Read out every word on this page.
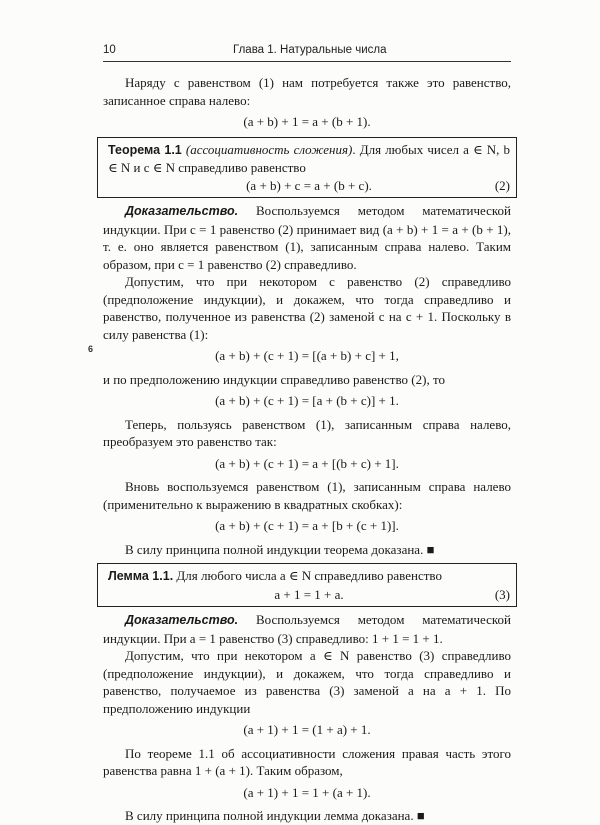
10	Глава 1. Натуральные числа
6

Наряду с равенством (1) нам потребуется также это равенство, записанное справа налево:

(a + b) + 1 = a + (b + 1).
Теорема 1.1 (ассоциативность сложения). Для любых чисел a ∈ N, b ∈ N и c ∈ N справедливо равенство
(a + b) + c = a + (b + c).	(2)

Доказательство. Воспользуемся методом математической индукции. При c = 1 равенство (2) принимает вид (a + b) + 1 = a + (b + 1), т. е. оно является равенством (1), записанным справа налево. Таким образом, при c = 1 равенство (2) справедливо.

Допустим, что при некотором c равенство (2) справедливо (предположение индукции), и докажем, что тогда справедливо и равенство, полученное из равенства (2) заменой c на c + 1. Поскольку в силу равенства (1):

(a + b) + (c + 1) = [(a + b) + c] + 1,

и по предположению индукции справедливо равенство (2), то

(a + b) + (c + 1) = [a + (b + c)] + 1.

Теперь, пользуясь равенством (1), записанным справа налево, преобразуем это равенство так:

(a + b) + (c + 1) = a + [(b + c) + 1].

Вновь воспользуемся равенством (1), записанным справа налево (применительно к выражению в квадратных скобках):

(a + b) + (c + 1) = a + [b + (c + 1)].

В силу принципа полной индукции теорема доказана. ■

Лемма 1.1. Для любого числа a ∈ N справедливо равенство
a + 1 = 1 + a.	(3)

Доказательство. Воспользуемся методом математической индукции. При a = 1 равенство (3) справедливо: 1 + 1 = 1 + 1.

Допустим, что при некотором a ∈ N равенство (3) справедливо (предположение индукции), и докажем, что тогда справедливо и равенство, получаемое из равенства (3) заменой a на a + 1. По предположению индукции

(a + 1) + 1 = (1 + a) + 1.

По теореме 1.1 об ассоциативности сложения правая часть этого равенства равна 1 + (a + 1). Таким образом,

(a + 1) + 1 = 1 + (a + 1).

В силу принципа полной индукции лемма доказана. ■
